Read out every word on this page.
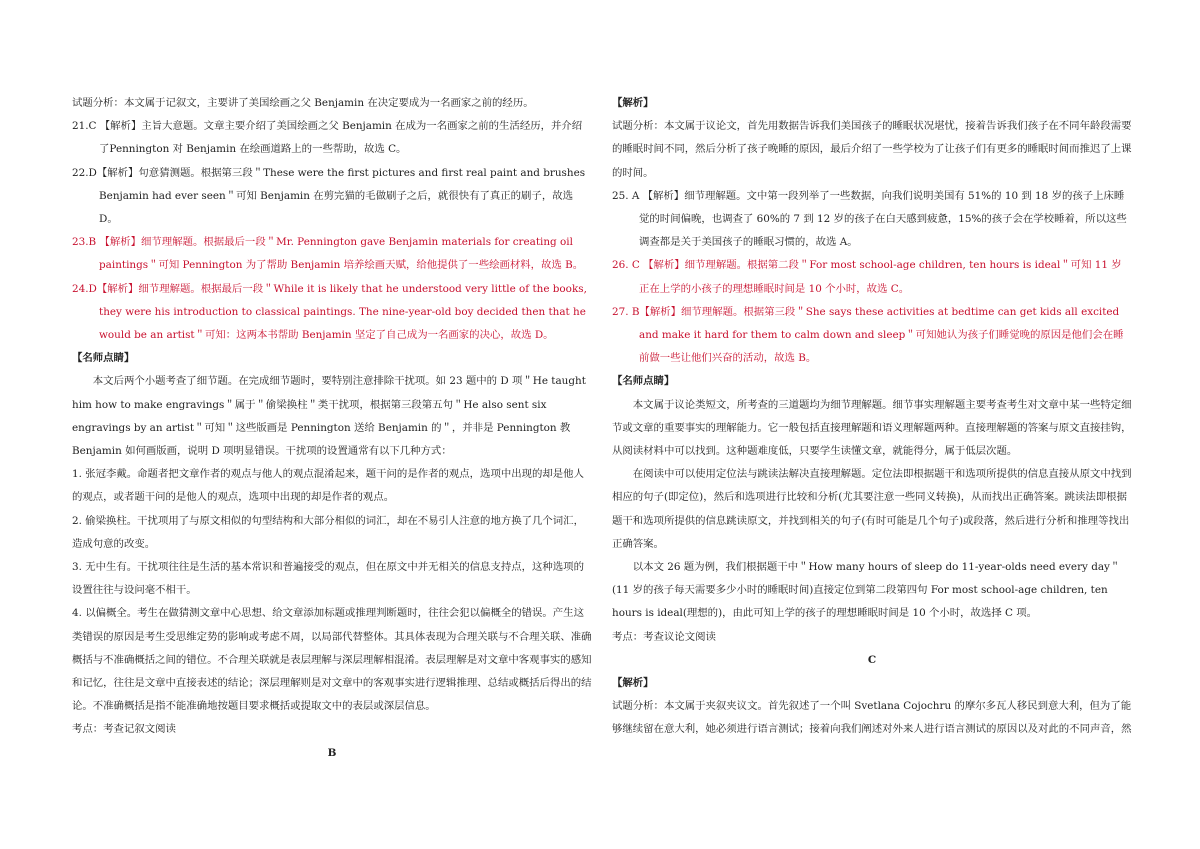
试题分析：本文属于记叙文，主要讲了美国绘画之父 Benjamin 在决定要成为一名画家之前的经历。

21.C 【解析】主旨大意题。文章主要介绍了美国绘画之父 Benjamin 在成为一名画家之前的生活经历，并介绍了Pennington 对 Benjamin 在绘画道路上的一些帮助，故选 C。

22.D【解析】句意猜测题。根据第三段＂These were the first pictures and first real paint and brushes Benjamin had ever seen＂可知 Benjamin 在剪完猫的毛做刷子之后，就很快有了真正的刷子，故选 D。

23.B 【解析】细节理解题。根据最后一段＂Mr. Pennington gave Benjamin materials for creating oil paintings＂可知 Pennington 为了帮助 Benjamin 培养绘画天赋，给他提供了一些绘画材料，故选 B。

24.D【解析】细节理解题。根据最后一段＂While it is likely that he understood very little of the books, they were his introduction to classical paintings. The nine-year-old boy decided then that he would be an artist＂可知：这两本书帮助 Benjamin 坚定了自己成为一名画家的决心，故选 D。

【名师点睛】

本文后两个小题考查了细节题。在完成细节题时，要特别注意排除干扰项。如 23 题中的 D 项＂He taught him how to make engravings＂属于＂偷梁换柱＂类干扰项，根据第三段第五句＂He also sent six engravings by an artist＂可知＂这些版画是 Pennington 送给 Benjamin 的＂，并非是 Pennington 教 Benjamin 如何画版画，说明 D 项明显错误。干扰项的设置通常有以下几种方式：

1. 张冠李戴。命题者把文章作者的观点与他人的观点混淆起来，题干问的是作者的观点，选项中出现的却是他人的观点，或者题干问的是他人的观点，选项中出现的却是作者的观点。

2. 偷梁换柱。干扰项用了与原文相似的句型结构和大部分相似的词汇，却在不易引人注意的地方换了几个词汇，造成句意的改变。

3. 无中生有。干扰项往往是生活的基本常识和普遍接受的观点，但在原文中并无相关的信息支持点，这种选项的设置往往与设问毫不相干。

4. 以偏概全。考生在做猜测文章中心思想、给文章添加标题或推理判断题时，往往会犯以偏概全的错误。产生这类错误的原因是考生受思维定势的影响或考虑不周，以局部代替整体。其具体表现为合理关联与不合理关联、准确概括与不准确概括之间的错位。不合理关联就是表层理解与深层理解相混淆。表层理解是对文章中客观事实的感知和记忆，往往是文章中直接表述的结论；深层理解则是对文章中的客观事实进行逻辑推理、总结或概括后得出的结论。不准确概括是指不能准确地按题目要求概括或提取文中的表层或深层信息。

考点：考查记叙文阅读

B

【解析】

试题分析：本文属于议论文，首先用数据告诉我们美国孩子的睡眠状况堪忧，接着告诉我们孩子在不同年龄段需要的睡眠时间不同，然后分析了孩子晚睡的原因，最后介绍了一些学校为了让孩子们有更多的睡眠时间而推迟了上课的时间。

25. A 【解析】细节理解题。文中第一段列举了一些数据，向我们说明美国有 51%的 10 到 18 岁的孩子上床睡觉的时间偏晚，也调查了 60%的 7 到 12 岁的孩子在白天感到疲惫，15%的孩子会在学校睡着，所以这些调查都是关于美国孩子的睡眠习惯的，故选 A。

26. C 【解析】细节理解题。根据第二段＂For most school-age children, ten hours is ideal＂可知 11 岁正在上学的小孩子的理想睡眠时间是 10 个小时，故选 C。

27. B【解析】细节理解题。根据第三段＂She says these activities at bedtime can get kids all excited and make it hard for them to calm down and sleep＂可知她认为孩子们睡觉晚的原因是他们会在睡前做一些让他们兴奋的活动，故选 B。

【名师点睛】

本文属于议论类短文，所考查的三道题均为细节理解题。细节事实理解题主要考查考生对文章中某一些特定细节或文章的重要事实的理解能力。它一般包括直接理解题和语义理解题两种。直接理解题的答案与原文直接挂钩，从阅读材料中可以找到。这种题难度低，只要学生读懂文章，就能得分，属于低层次题。

在阅读中可以使用定位法与跳读法解决直接理解题。定位法即根据题干和选项所提供的信息直接从原文中找到相应的句子(即定位)，然后和选项进行比较和分析(尤其要注意一些同义转换)，从而找出正确答案。跳读法即根据题干和选项所提供的信息跳读原文，并找到相关的句子(有时可能是几个句子)或段落，然后进行分析和推理等找出正确答案。

以本文 26 题为例，我们根据题干中＂How many hours of sleep do 11-year-olds need every day＂(11 岁的孩子每天需要多少小时的睡眠时间)直接定位到第二段第四句 For most school-age children, ten hours is ideal(理想的)，由此可知上学的孩子的理想睡眠时间是 10 个小时，故选择 C 项。

考点：考查议论文阅读

C

【解析】

试题分析：本文属于夹叙夹议文。首先叙述了一个叫 Svetlana Cojochru 的摩尔多瓦人移民到意大利，但为了能够继续留在意大利，她必须进行语言测试；接着向我们阐述对外来人进行语言测试的原因以及对此的不同声音，然
